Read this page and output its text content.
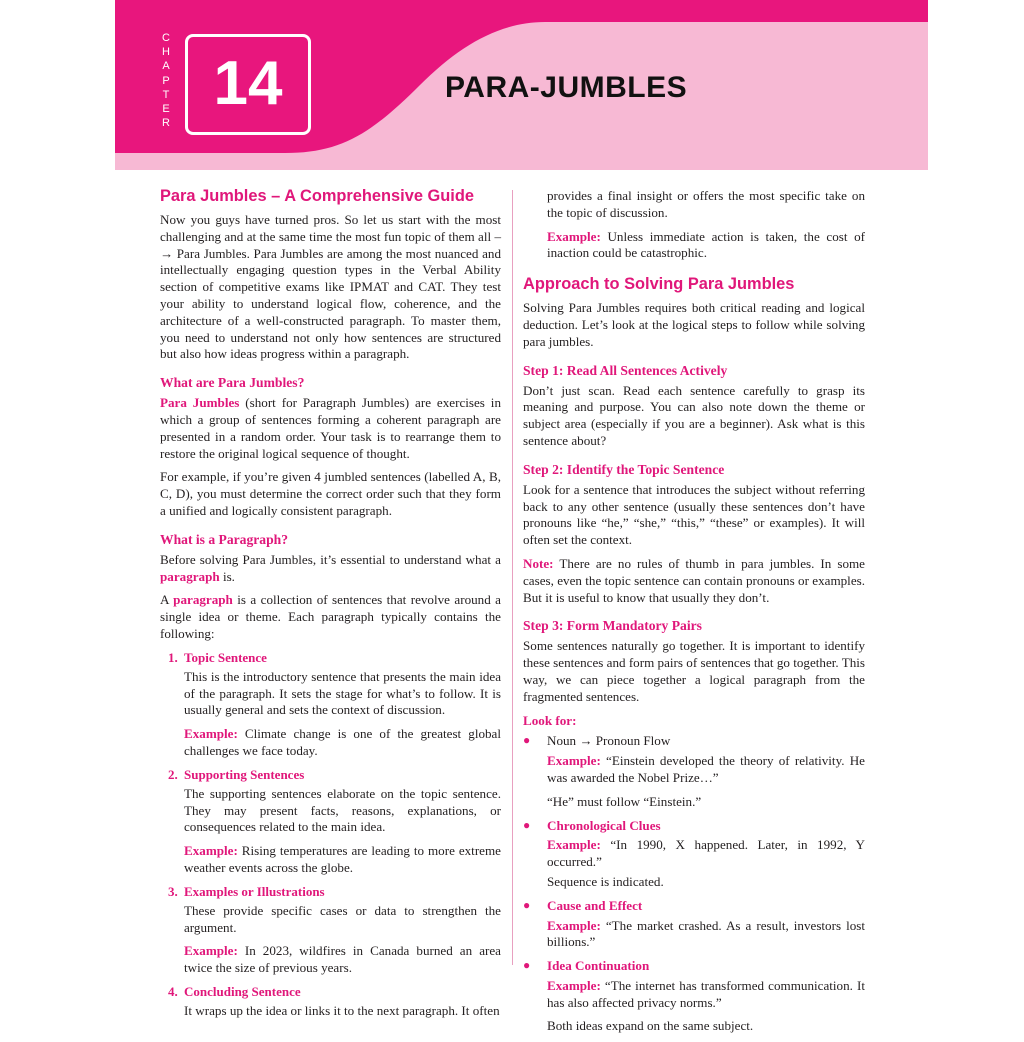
C
H
A
P
T
E
R
14	PARA-JUMBLES
Para Jumbles – A Comprehensive Guide

Now you guys have turned pros. So let us start with the most challenging and at the same time the most fun topic of them all –→ Para Jumbles. Para Jumbles are among the most nuanced and intellectually engaging question types in the Verbal Ability section of competitive exams like IPMAT and CAT. They test your ability to understand logical flow, coherence, and the architecture of a well-constructed paragraph. To master them, you need to understand not only how sentences are structured but also how ideas progress within a paragraph.

What are Para Jumbles?

Para Jumbles (short for Paragraph Jumbles) are exercises in which a group of sentences forming a coherent paragraph are presented in a random order. Your task is to rearrange them to restore the original logical sequence of thought.

For example, if you’re given 4 jumbled sentences (labelled A, B, C, D), you must determine the correct order such that they form a unified and logically consistent paragraph.

What is a Paragraph?

Before solving Para Jumbles, it’s essential to understand what a paragraph is.

A paragraph is a collection of sentences that revolve around a single idea or theme. Each paragraph typically contains the following:

1. Topic Sentence

This is the introductory sentence that presents the main idea of the paragraph. It sets the stage for what’s to follow. It is usually general and sets the context of discussion.

Example: Climate change is one of the greatest global challenges we face today.

2. Supporting Sentences

The supporting sentences elaborate on the topic sentence. They may present facts, reasons, explanations, or consequences related to the main idea.

Example: Rising temperatures are leading to more extreme weather events across the globe.

3. Examples or Illustrations

These provide specific cases or data to strengthen the argument.

Example: In 2023, wildfires in Canada burned an area twice the size of previous years.

4. Concluding Sentence

It wraps up the idea or links it to the next paragraph. It often

provides a final insight or offers the most specific take on the topic of discussion.

Example: Unless immediate action is taken, the cost of inaction could be catastrophic.

Approach to Solving Para Jumbles

Solving Para Jumbles requires both critical reading and logical deduction. Let’s look at the logical steps to follow while solving para jumbles.

Step 1: Read All Sentences Actively

Don’t just scan. Read each sentence carefully to grasp its meaning and purpose. You can also note down the theme or subject area (especially if you are a beginner). Ask what is this sentence about?

Step 2: Identify the Topic Sentence

Look for a sentence that introduces the subject without referring back to any other sentence (usually these sentences don’t have pronouns like “he,” “she,” “this,” “these” or examples). It will often set the context.

Note: There are no rules of thumb in para jumbles. In some cases, even the topic sentence can contain pronouns or examples. But it is useful to know that usually they don’t.

Step 3: Form Mandatory Pairs

Some sentences naturally go together. It is important to identify these sentences and form pairs of sentences that go together. This way, we can piece together a logical paragraph from the fragmented sentences.

Look for:
● Noun → Pronoun Flow

Example: “Einstein developed the theory of relativity. He was awarded the Nobel Prize…”

“He” must follow “Einstein.”

● Chronological Clues

Example: “In 1990, X happened. Later, in 1992, Y occurred.”

Sequence is indicated.

● Cause and Effect

Example: “The market crashed. As a result, investors lost billions.”

● Idea Continuation

Example: “The internet has transformed communication. It has also affected privacy norms.”

Both ideas expand on the same subject.
